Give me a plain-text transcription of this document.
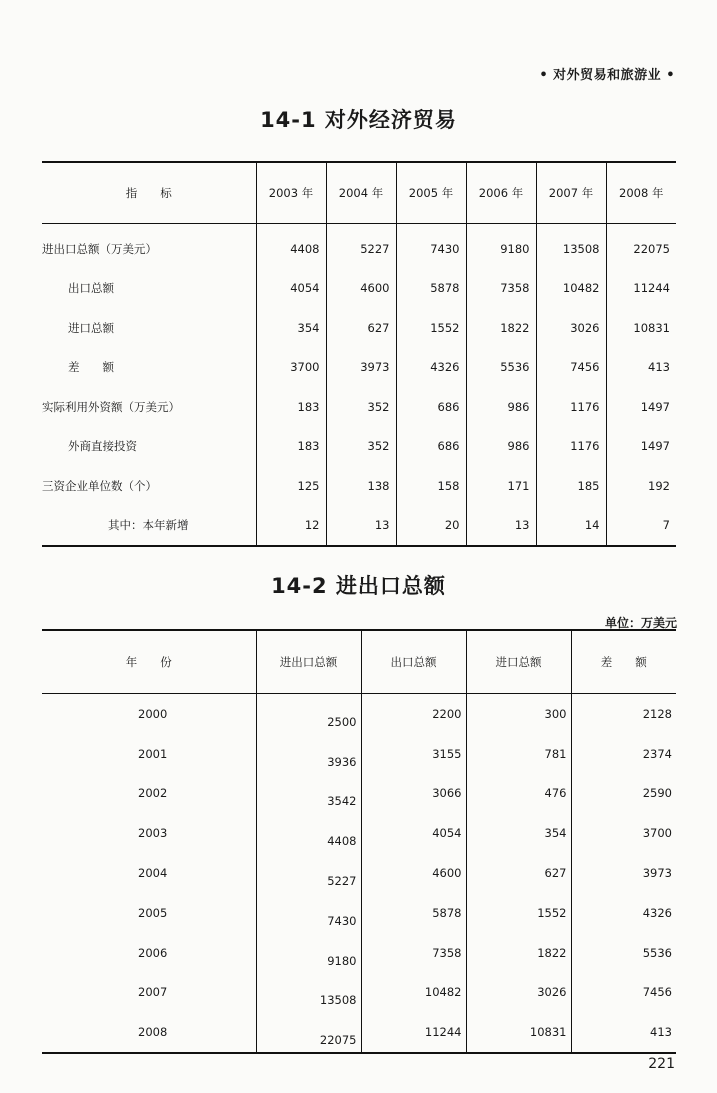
• 对外贸易和旅游业 •
14-1 对外经济贸易
指　　标	2003 年	2004 年	2005 年	2006 年	2007 年	2008 年
进出口总额（万美元）	4408	5227	7430	9180	13508	22075
出口总额	4054	4600	5878	7358	10482	11244
进口总额	354	627	1552	1822	3026	10831
差　　额	3700	3973	4326	5536	7456	413
实际利用外资额（万美元）	183	352	686	986	1176	1497
外商直接投资	183	352	686	986	1176	1497
三资企业单位数（个）	125	138	158	171	185	192
其中：本年新增	12	13	20	13	14	7
14-2 进出口总额
单位：万美元
年　　份	进出口总额	出口总额	进口总额	差　　额
2000	2500	2200	300	2128
2001	3936	3155	781	2374
2002	3542	3066	476	2590
2003	4408	4054	354	3700
2004	5227	4600	627	3973
2005	7430	5878	1552	4326
2006	9180	7358	1822	5536
2007	13508	10482	3026	7456
2008	22075	11244	10831	413
221
